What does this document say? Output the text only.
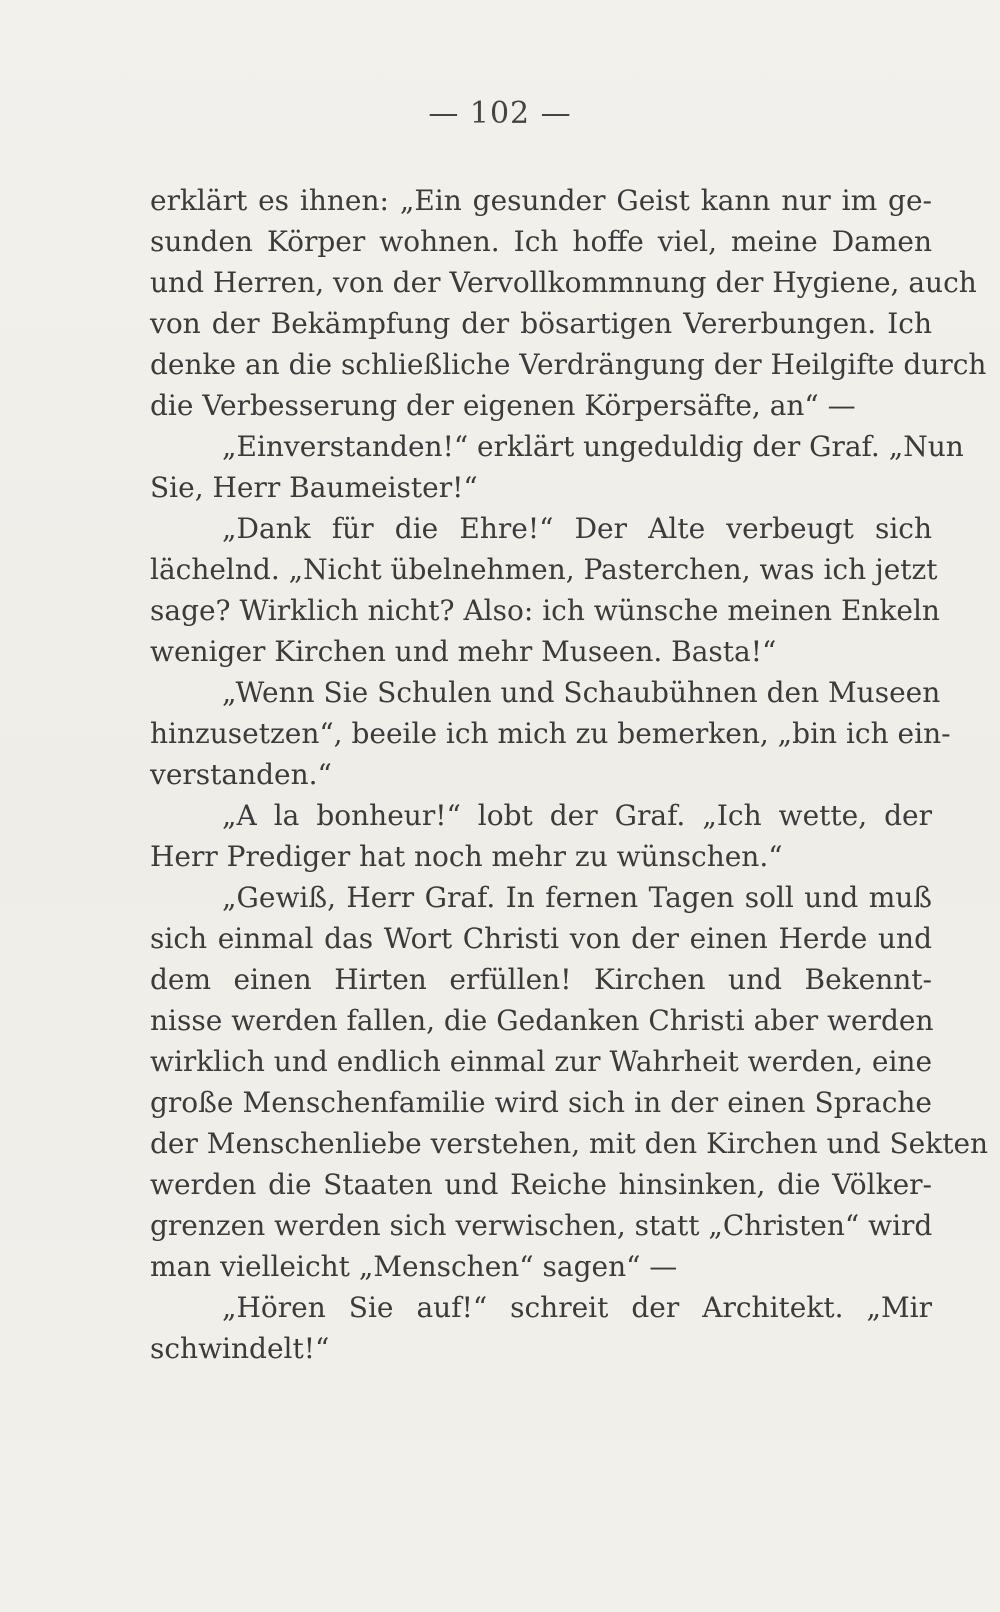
— 102 —
erklärt es ihnen: „Ein gesunder Geist kann nur im ge-
sunden Körper wohnen. Ich hoffe viel, meine Damen
und Herren, von der Vervollkommnung der Hygiene, auch
von der Bekämpfung der bösartigen Vererbungen. Ich
denke an die schließliche Verdrängung der Heilgifte durch
die Verbesserung der eigenen Körpersäfte, an“ —
„Einverstanden!“ erklärt ungeduldig der Graf. „Nun
Sie, Herr Baumeister!“
„Dank für die Ehre!“ Der Alte verbeugt sich
lächelnd. „Nicht übelnehmen, Pasterchen, was ich jetzt
sage? Wirklich nicht? Also: ich wünsche meinen Enkeln
weniger Kirchen und mehr Museen. Basta!“
„Wenn Sie Schulen und Schaubühnen den Museen
hinzusetzen“, beeile ich mich zu bemerken, „bin ich ein-
verstanden.“
„A la bonheur!“ lobt der Graf. „Ich wette, der
Herr Prediger hat noch mehr zu wünschen.“
„Gewiß, Herr Graf. In fernen Tagen soll und muß
sich einmal das Wort Christi von der einen Herde und
dem einen Hirten erfüllen! Kirchen und Bekennt-
nisse werden fallen, die Gedanken Christi aber werden
wirklich und endlich einmal zur Wahrheit werden, eine
große Menschenfamilie wird sich in der einen Sprache
der Menschenliebe verstehen, mit den Kirchen und Sekten
werden die Staaten und Reiche hinsinken, die Völker-
grenzen werden sich verwischen, statt „Christen“ wird
man vielleicht „Menschen“ sagen“ —
„Hören Sie auf!“ schreit der Architekt. „Mir
schwindelt!“
